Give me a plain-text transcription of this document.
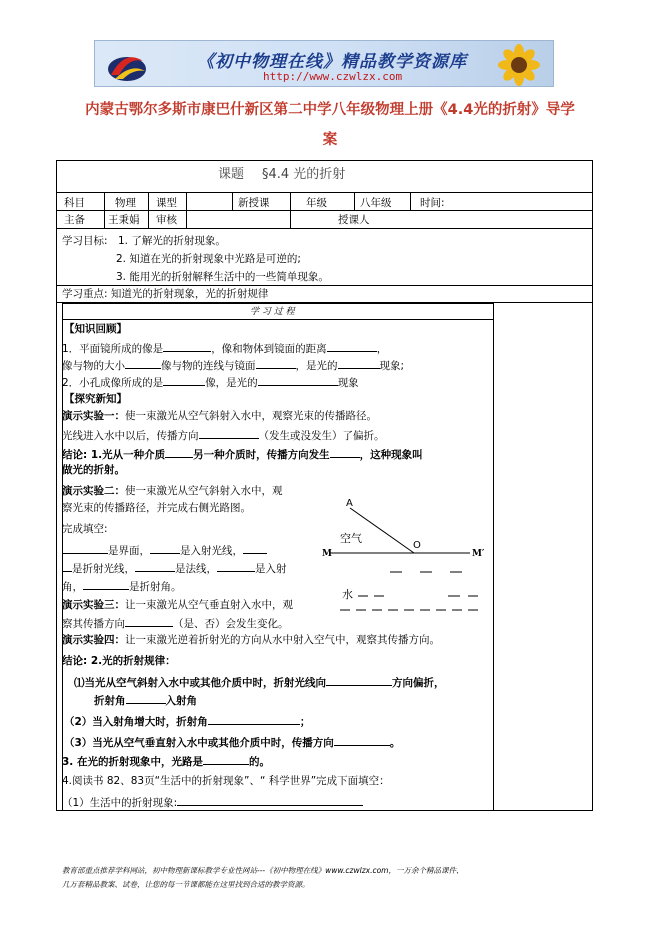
《初中物理在线》精品教学资源库
http://www.czwlzx.com
内蒙古鄂尔多斯市康巴什新区第二中学八年级物理上册《4.4光的折射》导学
案
课题 §4.4 光的折射
科目	物理 课型	新授课	年级	八年级	时间:
主备 王秉娟 审核	授课人
学习目标: 1. 了解光的折射现象。
2. 知道在光的折射现象中光路是可逆的;
3. 能用光的折射解释生活中的一些简单现象。
学习重点: 知道光的折射现象，光的折射规律
学 习 过 程
【知识回顾】
1．平面镜所成的像是	，像和物体到镜面的距离	，
像与物的大小	像与物的连线与镜面	，是光的	现象;
2．小孔成像所成的是	像，是光的	现象
【探究新知】
演示实验一：使一束激光从空气斜射入水中，观察光束的传播路径。
光线进入水中以后，传播方向	（发生或没发生）了偏折。
结论: 1.光从一种介质	另一种介质时，传播方向发生	，这种现象叫
做光的折射。
演示实验二：使一束激光从空气斜射入水中，观
察光束的传播路径，并完成右侧光路图。
完成填空:
是界面，	是入射光线，
是折射光线，	是法线，	是入射
角，	是折射角。
A
空气
O
M	M′
水
演示实验三：让一束激光从空气垂直射入水中，观
察其传播方向	（是、否）会发生变化。
演示实验四：让一束激光逆着折射光的方向从水中射入空气中，观察其传播方向。
结论: 2.光的折射规律：
⑴当光从空气斜射入水中或其他介质中时，折射光线向	方向偏折，
折射角	入射角
（2）当入射角增大时，折射角	；
（3）当光从空气垂直射入水中或其他介质中时，传播方向	。
3. 在光的折射现象中，光路是	的。
4.阅读书 82、83页“生活中的折射现象”、“ 科学世界”完成下面填空：
（1）生活中的折射现象:
教育部重点推荐学科网站，初中物理新课标教学专业性网站---《初中物理在线》www.czwlzx.com，一万余个精品课件、
几万套精品教案、试卷，让您的每一节课都能在这里找到合适的教学资源。
